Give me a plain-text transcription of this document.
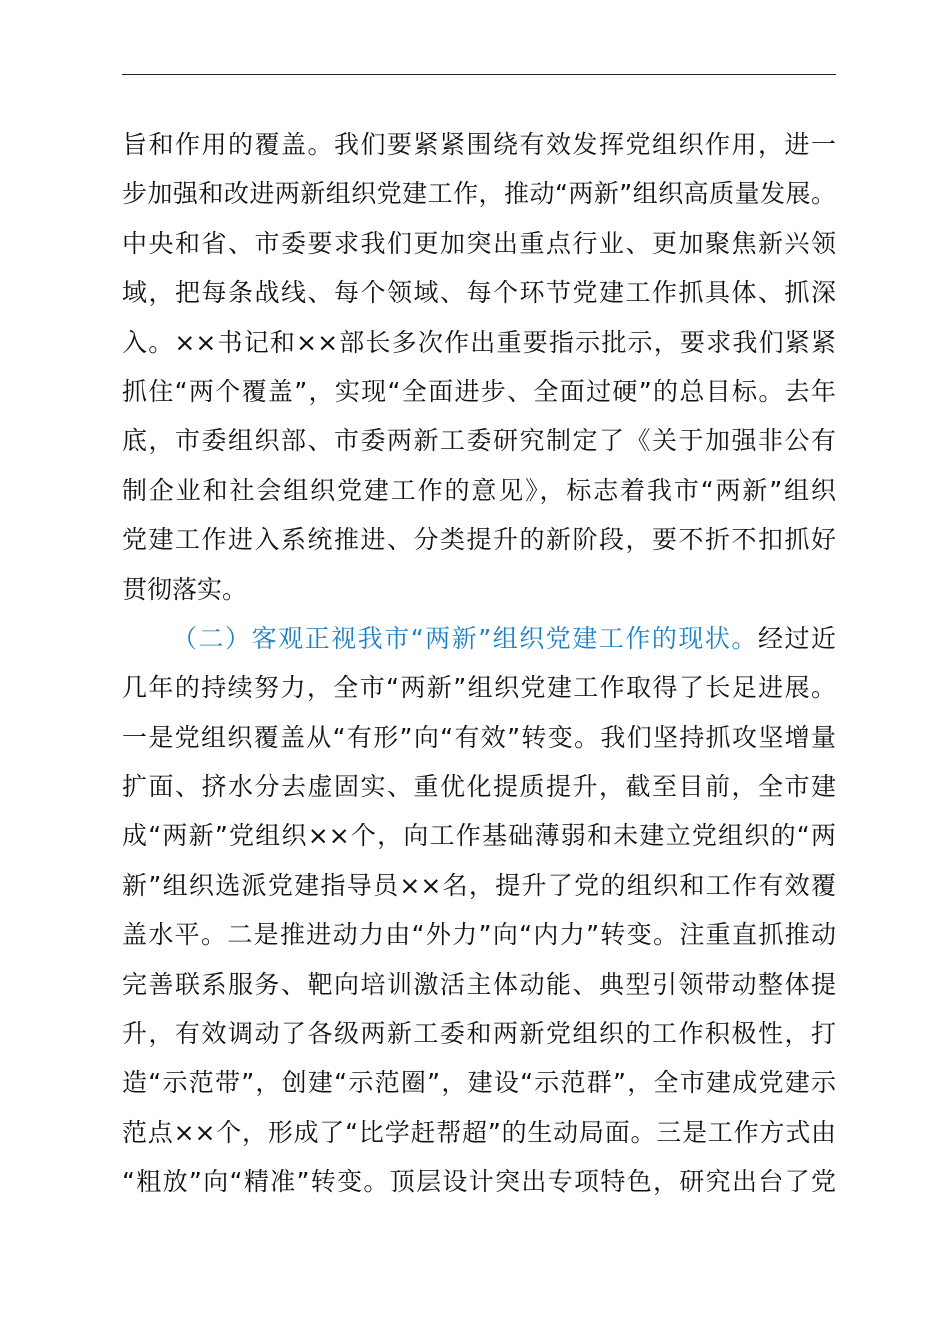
旨和作用的覆盖。我们要紧紧围绕有效发挥党组织作用，进一
步加强和改进两新组织党建工作，推动“两新”组织高质量发展。
中央和省、市委要求我们更加突出重点行业、更加聚焦新兴领
域，把每条战线、每个领域、每个环节党建工作抓具体、抓深
入。××书记和××部长多次作出重要指示批示，要求我们紧紧
抓住“两个覆盖”，实现“全面进步、全面过硬”的总目标。去年
底，市委组织部、市委两新工委研究制定了《关于加强非公有
制企业和社会组织党建工作的意见》，标志着我市“两新”组织
党建工作进入系统推进、分类提升的新阶段，要不折不扣抓好
贯彻落实。
（二）客观正视我市“两新”组织党建工作的现状。经过近
几年的持续努力，全市“两新”组织党建工作取得了长足进展。
一是党组织覆盖从“有形”向“有效”转变。我们坚持抓攻坚增量
扩面、挤水分去虚固实、重优化提质提升，截至目前，全市建
成“两新”党组织××个，向工作基础薄弱和未建立党组织的“两
新”组织选派党建指导员××名，提升了党的组织和工作有效覆
盖水平。二是推进动力由“外力”向“内力”转变。注重直抓推动
完善联系服务、靶向培训激活主体动能、典型引领带动整体提
升，有效调动了各级两新工委和两新党组织的工作积极性，打
造“示范带”，创建“示范圈”，建设“示范群”，全市建成党建示
范点××个，形成了“比学赶帮超”的生动局面。三是工作方式由
“粗放”向“精准”转变。顶层设计突出专项特色，研究出台了党
